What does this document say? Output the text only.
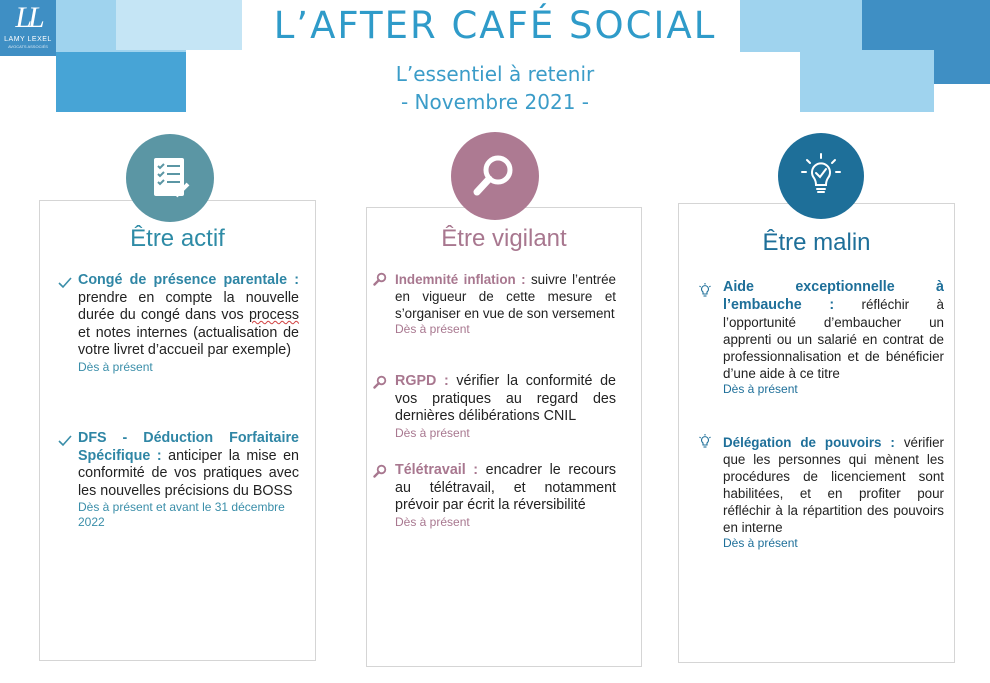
LL
LAMY LEXEL
AVOCATS ASSOCIÉS	L’AFTER CAFÉ SOCIAL
L’essentiel à retenir
- Novembre 2021 -
Être actif
Congé de présence parentale : prendre en compte la nouvelle durée du congé dans vos process et notes internes (actualisation de votre livret d’accueil par exemple)
Dès à présent
DFS - Déduction Forfaitaire Spécifique : anticiper la mise en conformité de vos pratiques avec les nouvelles précisions du BOSS
Dès à présent et avant le 31 décembre 2022
Être vigilant
Indemnité inflation : suivre l’entrée en vigueur de cette mesure et s’organiser en vue de son versement
Dès à présent
RGPD : vérifier la conformité de vos pratiques au regard des dernières délibérations CNIL
Dès à présent
Télétravail : encadrer le recours au télétravail, et notamment prévoir par écrit la réversibilité
Dès à présent
Être malin
Aide exceptionnelle à l’embauche : réfléchir à l’opportunité d’embaucher un apprenti ou un salarié en contrat de professionnalisation et de bénéficier d’une aide à ce titre
Dès à présent
Délégation de pouvoirs : vérifier que les personnes qui mènent les procédures de licenciement sont habilitées, et en profiter pour réfléchir à la répartition des pouvoirs en interne
Dès à présent
